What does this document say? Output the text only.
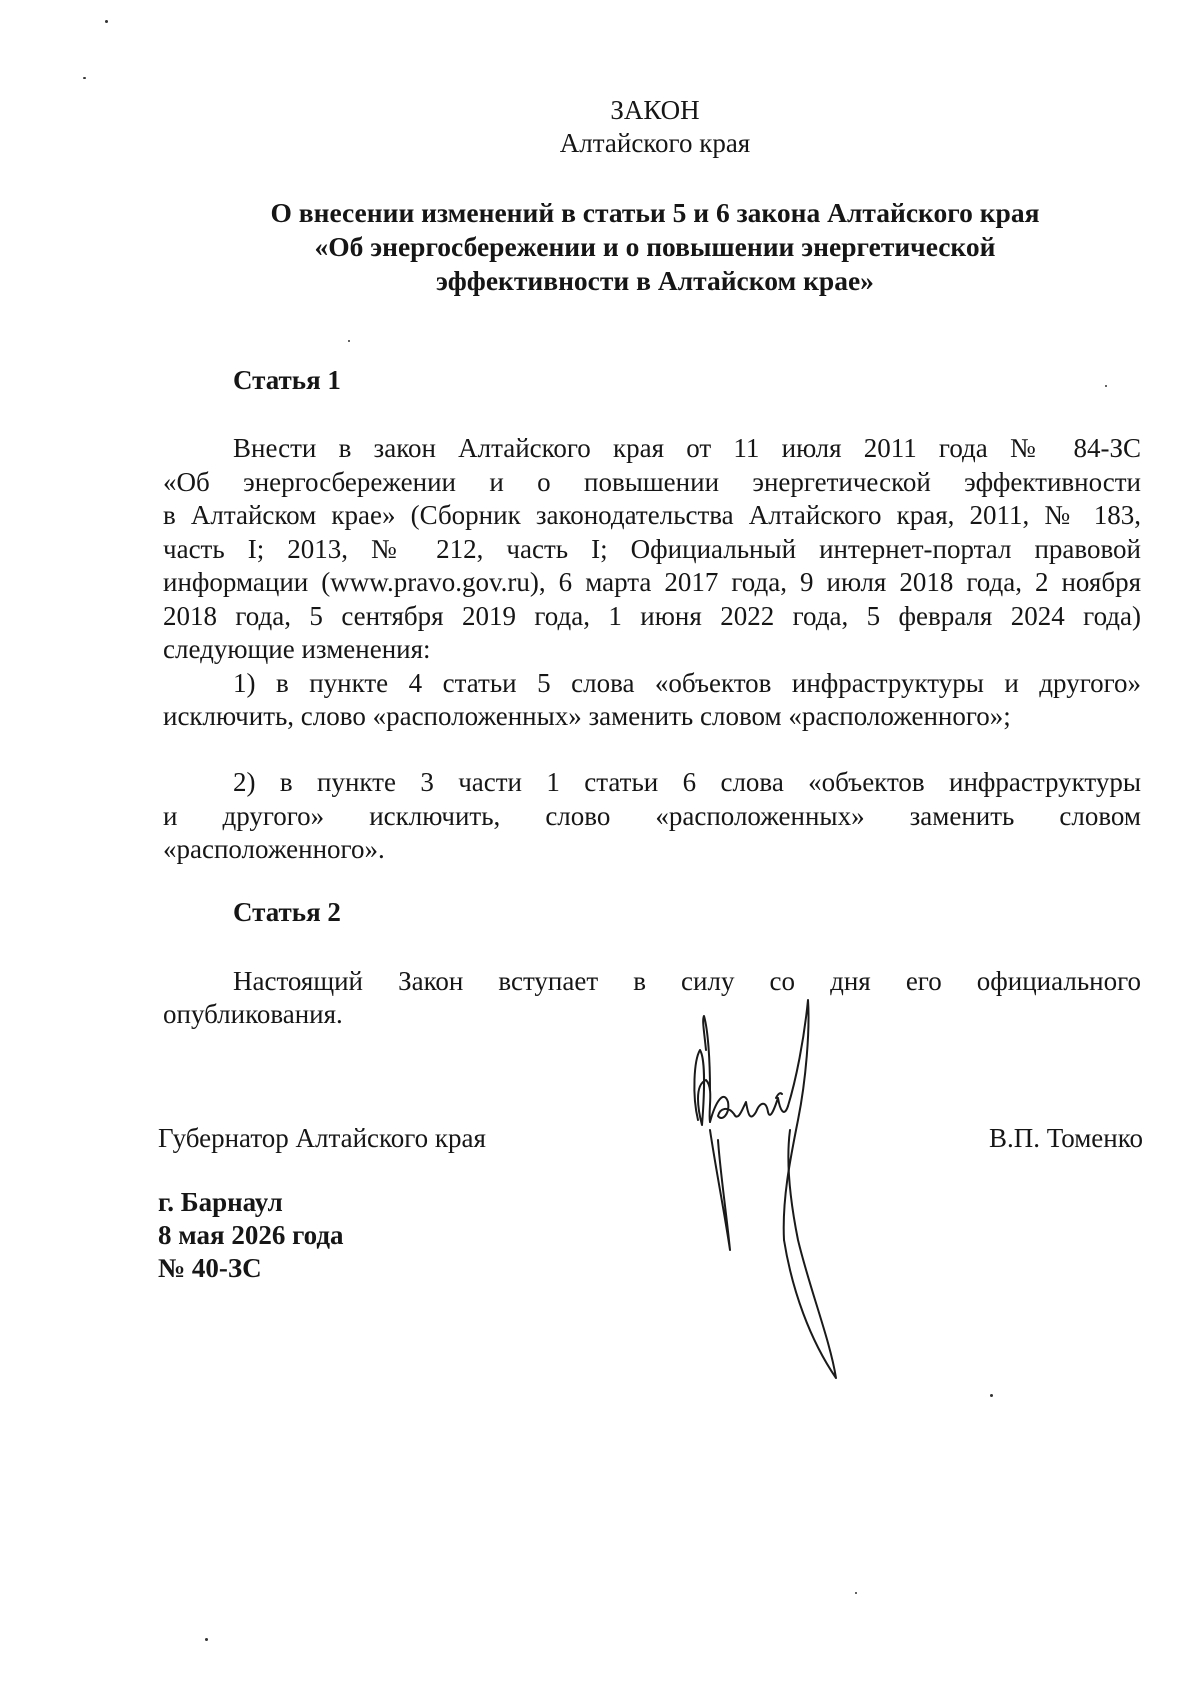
ЗАКОН
Алтайского края
О внесении изменений в статьи 5 и 6 закона Алтайского края
«Об энергосбережении и о повышении энергетической
эффективности в Алтайском крае»
Статья 1
Внести в закон Алтайского края от 11 июля 2011 года № 84-ЗС
«Об энергосбережении и о повышении энергетической эффективности
в Алтайском крае» (Сборник законодательства Алтайского края, 2011, № 183,
часть I; 2013, № 212, часть I; Официальный интернет-портал правовой
информации (www.pravo.gov.ru), 6 марта 2017 года, 9 июля 2018 года, 2 ноября
2018 года, 5 сентября 2019 года, 1 июня 2022 года, 5 февраля 2024 года)
следующие изменения:
1) в пункте 4 статьи 5 слова «объектов инфраструктуры и другого»
исключить, слово «расположенных» заменить словом «расположенного»;
2) в пункте 3 части 1 статьи 6 слова «объектов инфраструктуры
и другого» исключить, слово «расположенных» заменить словом
«расположенного».
Статья 2
Настоящий Закон вступает в силу со дня его официального
опубликования.
Губернатор Алтайского края	В.П. Томенко
г. Барнаул
8 мая 2026 года
№ 40-ЗС
